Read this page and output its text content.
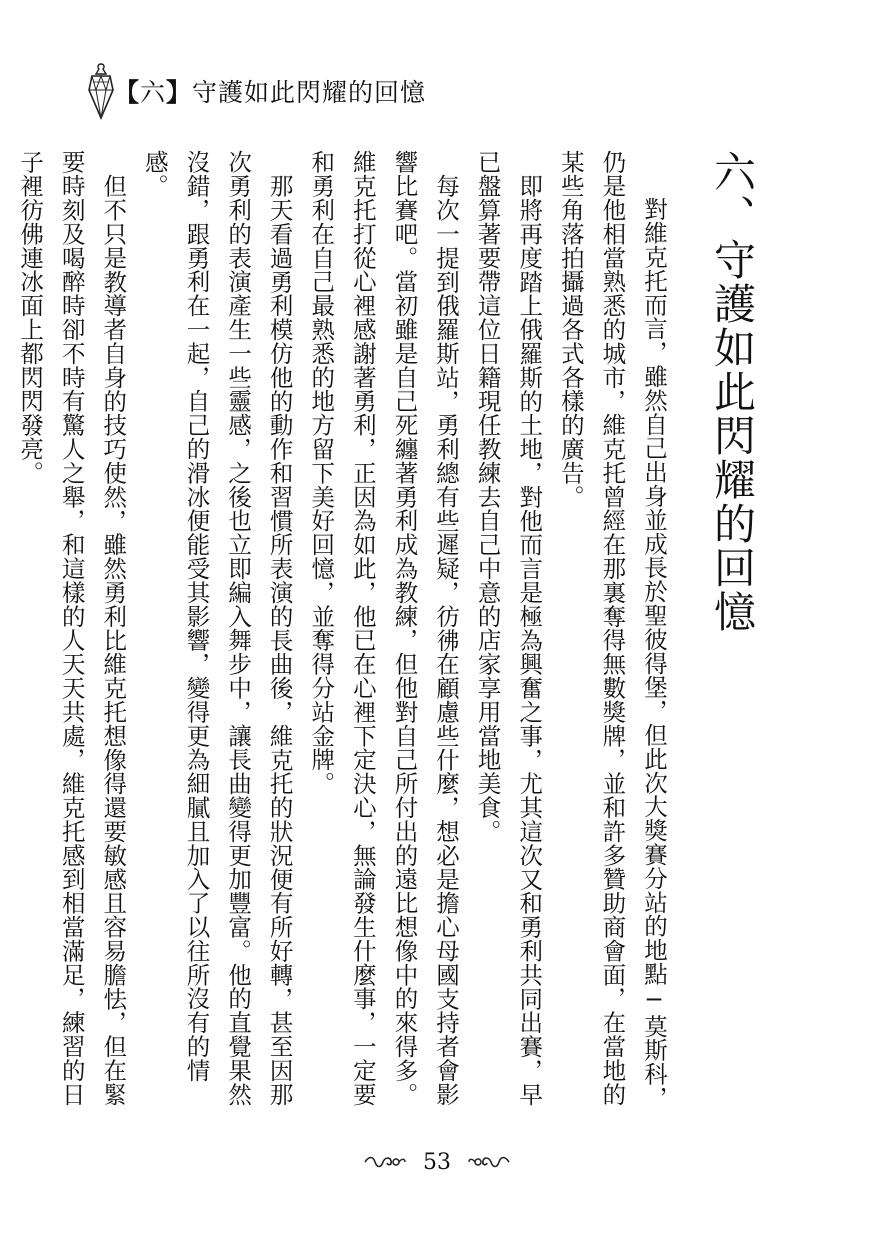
【六】守護如此閃耀的回憶
六、守護如此閃耀的回憶

對維克托而言，雖然自己出身並成長於聖彼得堡，但此次大獎賽分站的地點─莫斯科，仍是他相當熟悉的城市，維克托曾經在那裏奪得無數獎牌，並和許多贊助商會面，在當地的某些角落拍攝過各式各樣的廣告。

即將再度踏上俄羅斯的土地，對他而言是極為興奮之事，尤其這次又和勇利共同出賽，早已盤算著要帶這位日籍現任教練去自己中意的店家享用當地美食。

每次一提到俄羅斯站，勇利總有些遲疑，彷彿在顧慮些什麼，想必是擔心母國支持者會影響比賽吧。當初雖是自己死纏著勇利成為教練，但他對自己所付出的遠比想像中的來得多。維克托打從心裡感謝著勇利，正因為如此，他已在心裡下定決心，無論發生什麼事，一定要和勇利在自己最熟悉的地方留下美好回憶，並奪得分站金牌。

那天看過勇利模仿他的動作和習慣所表演的長曲後，維克托的狀況便有所好轉，甚至因那次勇利的表演產生一些靈感，之後也立即編入舞步中，讓長曲變得更加豐富。他的直覺果然沒錯，跟勇利在一起，自己的滑冰便能受其影響，變得更為細膩且加入了以往所沒有的情感。

但不只是教導者自身的技巧使然，雖然勇利比維克托想像得還要敏感且容易膽怯，但在緊要時刻及喝醉時卻不時有驚人之舉，和這樣的人天天共處，維克托感到相當滿足，練習的日子裡彷佛連冰面上都閃閃發亮。

53
